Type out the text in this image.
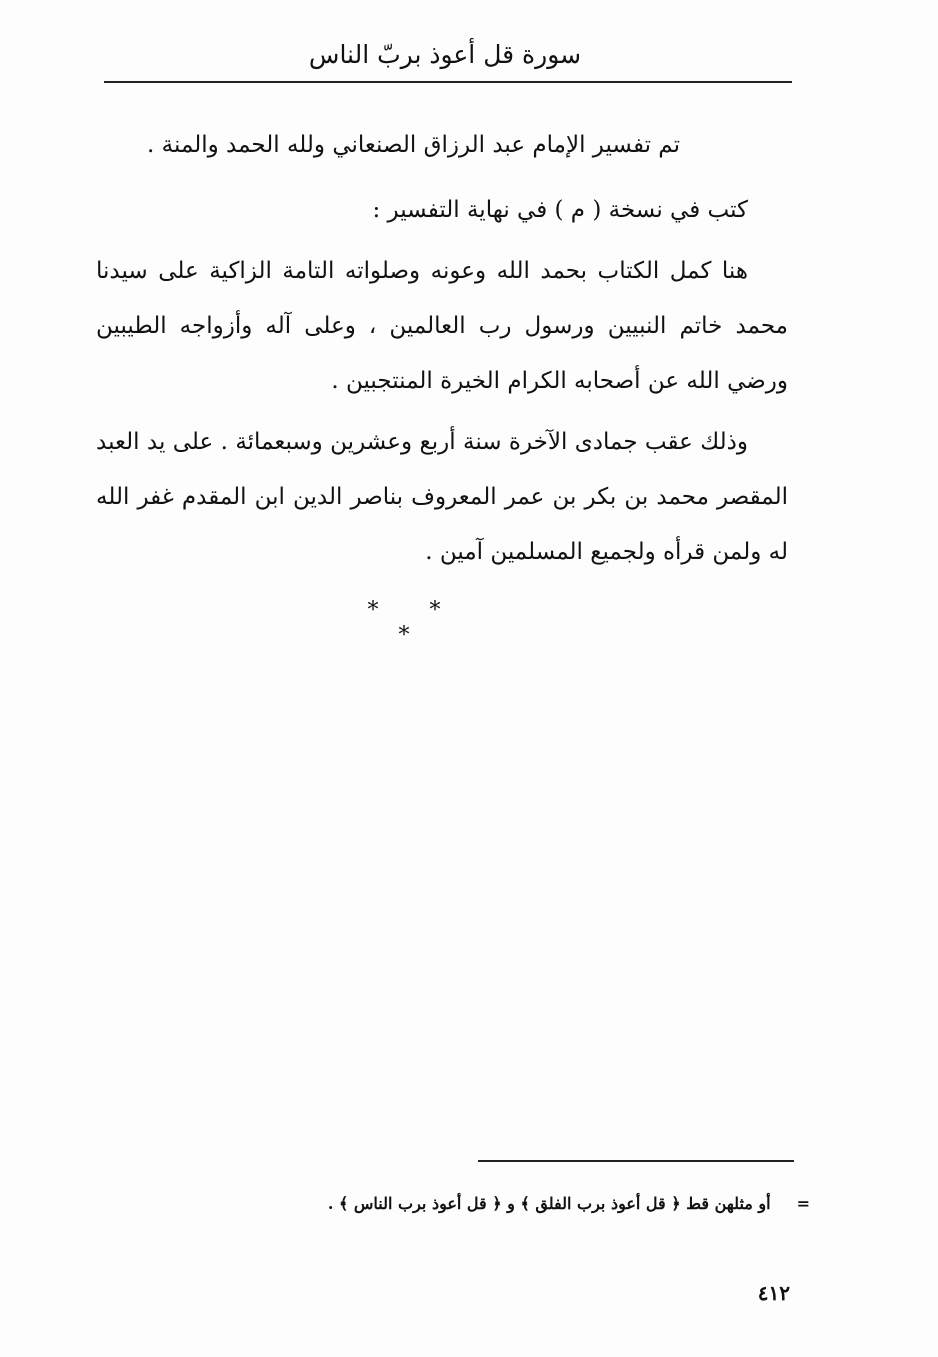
سورة قل أعوذ بربّ الناس

تم تفسير الإمام عبد الرزاق الصنعاني ولله الحمد والمنة .

كتب في نسخة ( م ) في نهاية التفسير :

هنا كمل الكتاب بحمد الله وعونه وصلواته التامة الزاكية على سيدنا محمد خاتم النبيين ورسول رب العالمين ، وعلى آله وأزواجه الطيبين ورضي الله عن أصحابه الكرام الخيرة المنتجبين .

وذلك عقب جمادى الآخرة سنة أربع وعشرين وسبعمائة . على يد العبد المقصر محمد بن بكر بن عمر المعروف بناصر الدين ابن المقدم غفر الله له ولمن قرأه ولجميع المسلمين آمين .

* * *
=أو مثلهن قط ﴿ قل أعوذ برب الفلق ﴾ و ﴿ قل أعوذ برب الناس ﴾ .
٤١٢
